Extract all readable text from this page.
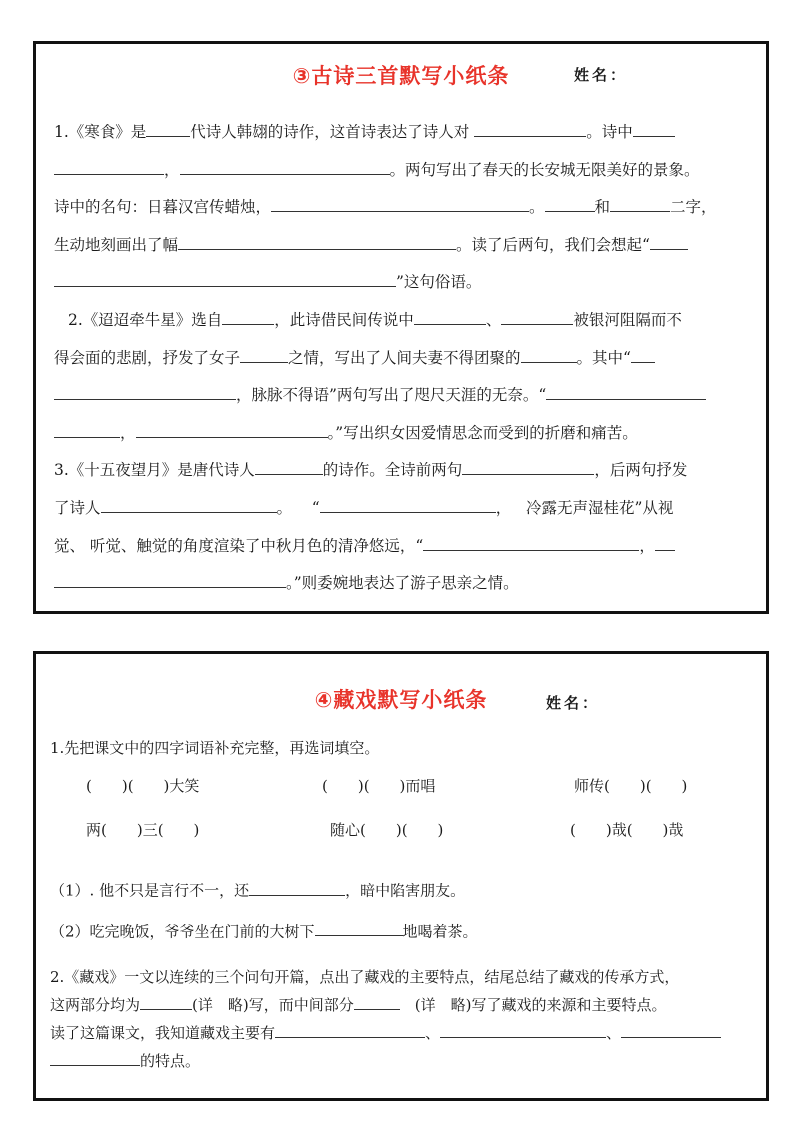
③古诗三首默写小纸条	姓名：

1.《寒食》是	代诗人韩翃的诗作，这首诗表达了诗人对	。诗中
，	。两句写出了春天的长安城无限美好的景象。
诗中的名句：日暮汉宫传蜡烛，	。	和	二字，
生动地刻画出了幅	。读了后两句，我们会想起“
”这句俗语。

2.《迢迢牵牛星》选自	，此诗借民间传说中	、	被银河阻隔而不

得会面的悲剧，抒发了女子	之情，写出了人间夫妻不得团聚的	。其中“
，脉脉不得语”两句写出了咫尺天涯的无奈。“
，	。”写出织女因爱情思念而受到的折磨和痛苦。

3.《十五夜望月》是唐代诗人	的诗作。全诗前两句	，后两句抒发
了诗人	。 “	， 冷露无声湿桂花”从视
觉、 听觉、触觉的角度渲染了中秋月色的清净悠远，“	，
。”则委婉地表达了游子思亲之情。

④藏戏默写小纸条	姓名：

1.先把课文中的四字词语补充完整，再选词填空。

(　　)(　　)大笑	(　　)(　　)而唱	师传(　　)(　　)
两(　　)三(　　)	随心(　　)(　　)	(　　)哉(　　)哉

（1）. 他不只是言行不一，还	，暗中陷害朋友。

（2）吃完晚饭，爷爷坐在门前的大树下	地喝着茶。

2.《藏戏》一文以连续的三个问句开篇，点出了藏戏的主要特点，结尾总结了藏戏的传承方式，
这两部分均为	(详　略)写，而中间部分	　(详　略)写了藏戏的来源和主要特点。
读了这篇课文，我知道藏戏主要有	、	、
的特点。
